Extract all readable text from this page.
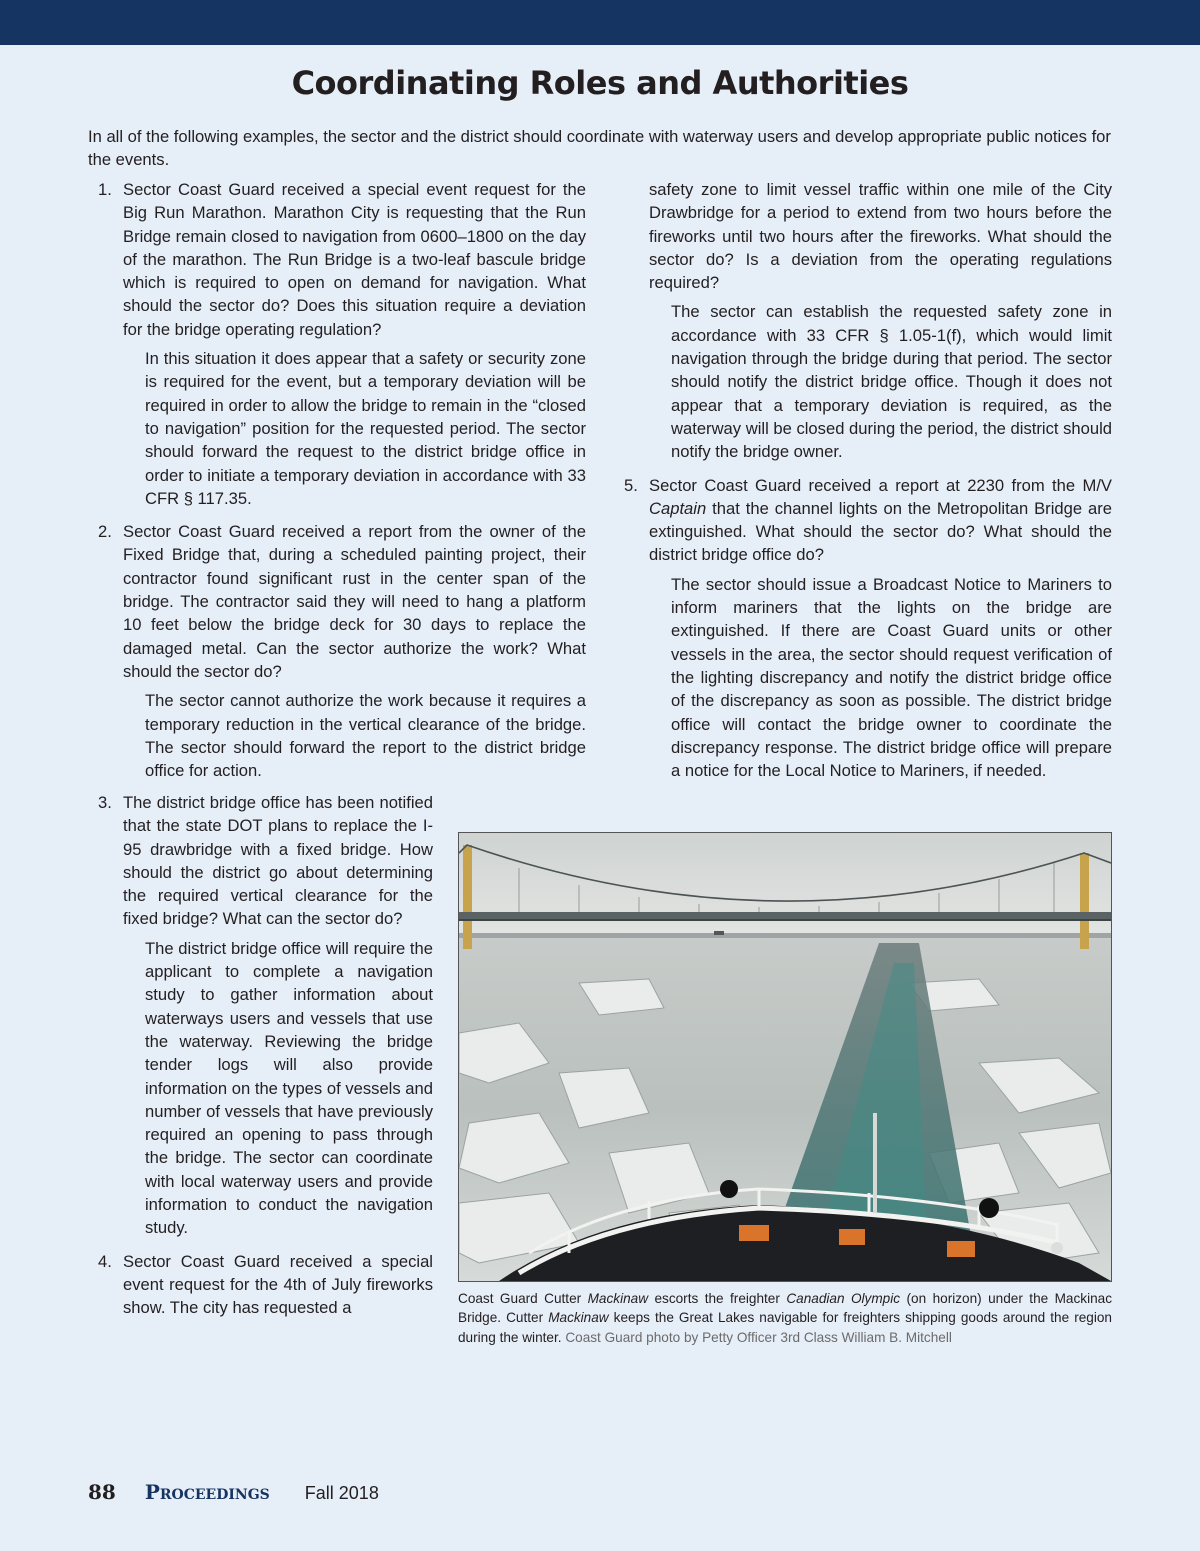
Coordinating Roles and Authorities

In all of the following examples, the sector and the district should coordinate with waterway users and develop appropriate public notices for the events.

1. Sector Coast Guard received a special event request for the Big Run Marathon. Marathon City is requesting that the Run Bridge remain closed to navigation from 0600–1800 on the day of the marathon. The Run Bridge is a two-leaf bascule bridge which is required to open on demand for navigation. What should the sector do? Does this situation require a deviation for the bridge operating regulation?

In this situation it does appear that a safety or security zone is required for the event, but a temporary deviation will be required in order to allow the bridge to remain in the “closed to navigation” position for the requested period. The sector should forward the request to the district bridge office in order to initiate a temporary deviation in accordance with 33 CFR § 117.35.

2. Sector Coast Guard received a report from the owner of the Fixed Bridge that, during a scheduled painting project, their contractor found significant rust in the center span of the bridge. The contractor said they will need to hang a platform 10 feet below the bridge deck for 30 days to replace the damaged metal. Can the sector authorize the work? What should the sector do?

The sector cannot authorize the work because it requires a temporary reduction in the vertical clearance of the bridge. The sector should forward the report to the district bridge office for action.

3. The district bridge office has been notified that the state DOT plans to replace the I-95 drawbridge with a fixed bridge. How should the district go about determining the required vertical clearance for the fixed bridge? What can the sector do?

The district bridge office will require the applicant to complete a navigation study to gather information about waterways users and vessels that use the waterway. Reviewing the bridge tender logs will also provide information on the types of vessels and number of vessels that have previously required an opening to pass through the bridge. The sector can coordinate with local waterway users and provide information to conduct the navigation study.

4. Sector Coast Guard received a special event request for the 4th of July fireworks show. The city has requested a

safety zone to limit vessel traffic within one mile of the City Drawbridge for a period to extend from two hours before the fireworks until two hours after the fireworks. What should the sector do? Is a deviation from the operating regulations required?

The sector can establish the requested safety zone in accordance with 33 CFR § 1.05-1(f), which would limit navigation through the bridge during that period. The sector should notify the district bridge office. Though it does not appear that a temporary deviation is required, as the waterway will be closed during the period, the district should notify the bridge owner.

5. Sector Coast Guard received a report at 2230 from the M/V Captain that the channel lights on the Metropolitan Bridge are extinguished. What should the sector do? What should the district bridge office do?

The sector should issue a Broadcast Notice to Mariners to inform mariners that the lights on the bridge are extinguished. If there are Coast Guard units or other vessels in the area, the sector should request verification of the lighting discrepancy and notify the district bridge office of the discrepancy as soon as possible. The district bridge office will contact the bridge owner to coordinate the discrepancy response. The district bridge office will prepare a notice for the Local Notice to Mariners, if needed.

Coast Guard Cutter Mackinaw escorts the freighter Canadian Olympic (on horizon) under the Mackinac Bridge. Cutter Mackinaw keeps the Great Lakes navigable for freighters shipping goods around the region during the winter. Coast Guard photo by Petty Officer 3rd Class William B. Mitchell

88 Proceedings Fall 2018
